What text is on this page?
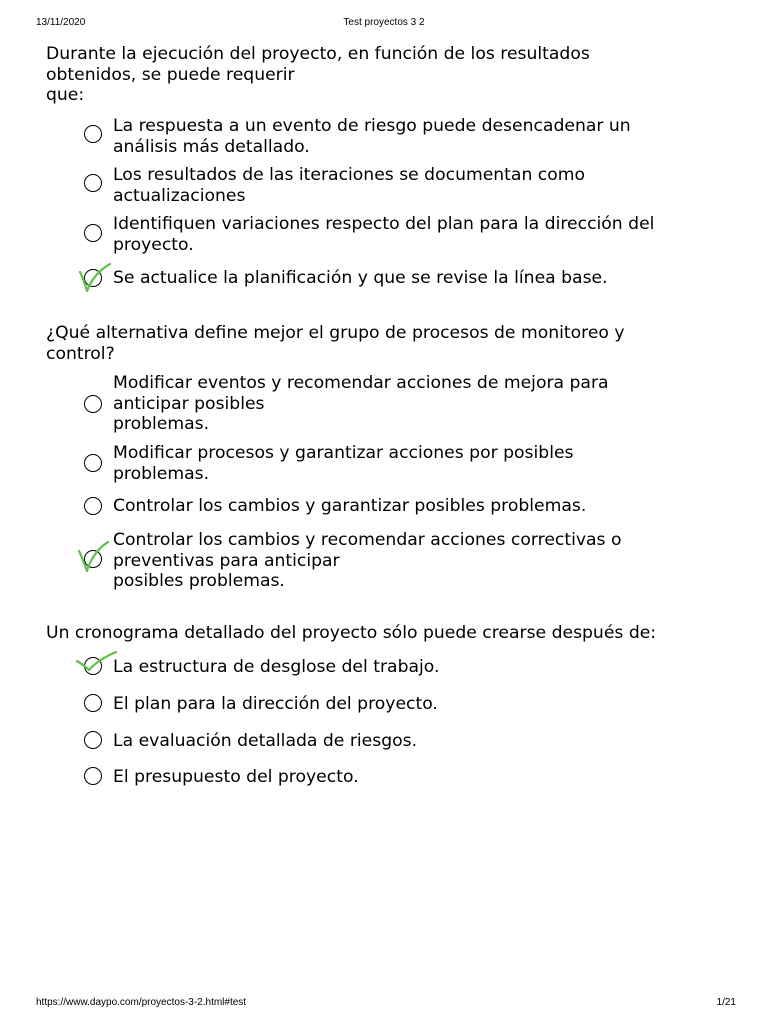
13/11/2020	Test proyectos 3 2
Durante la ejecución del proyecto, en función de los resultados
obtenidos, se puede requerir
que:
La respuesta a un evento de riesgo puede desencadenar un
análisis más detallado.
Los resultados de las iteraciones se documentan como
actualizaciones
Identifiquen variaciones respecto del plan para la dirección del
proyecto.
Se actualice la planificación y que se revise la línea base.
¿Qué alternativa define mejor el grupo de procesos de monitoreo y
control?
Modificar eventos y recomendar acciones de mejora para
anticipar posibles
problemas.
Modificar procesos y garantizar acciones por posibles
problemas.
Controlar los cambios y garantizar posibles problemas.
Controlar los cambios y recomendar acciones correctivas o
preventivas para anticipar
posibles problemas.
Un cronograma detallado del proyecto sólo puede crearse después de:
La estructura de desglose del trabajo.
El plan para la dirección del proyecto.
La evaluación detallada de riesgos.
El presupuesto del proyecto.
https://www.daypo.com/proyectos-3-2.html#test	1/21
